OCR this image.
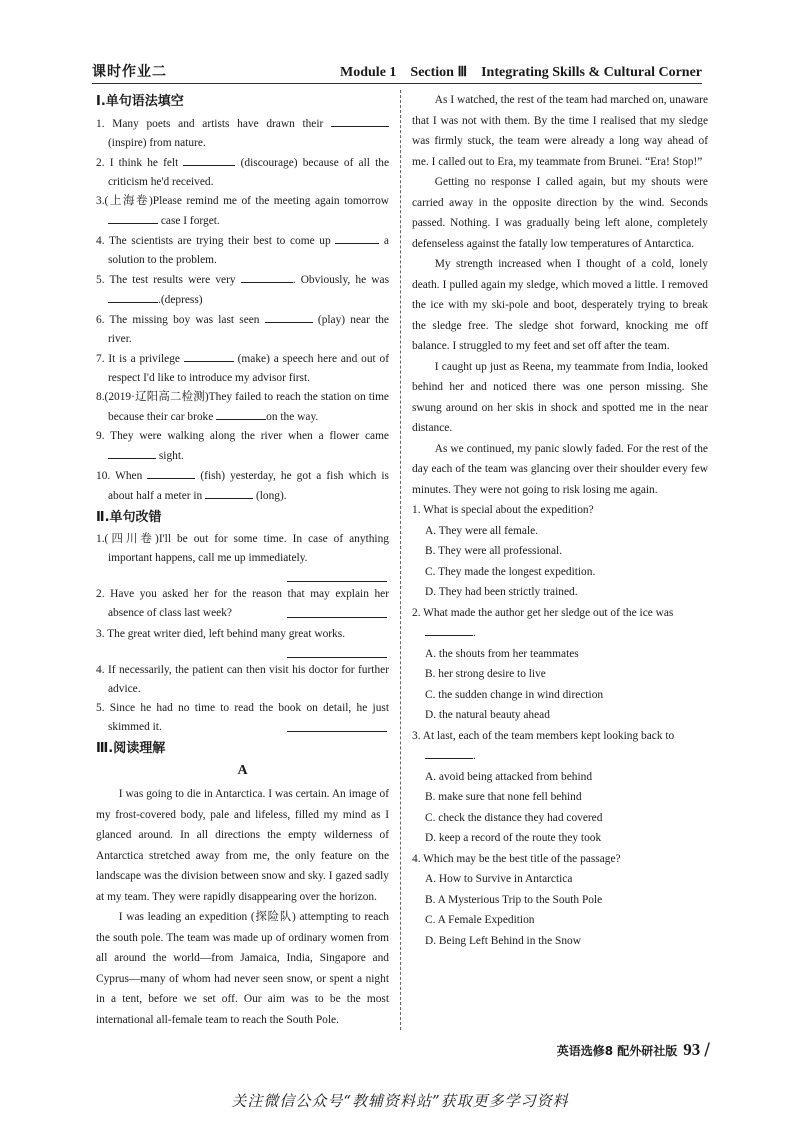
课时作业二	Module 1　Section Ⅲ　Integrating Skills & Cultural Corner
Ⅰ.单句语法填空

1. Many poets and artists have drawn their  (inspire) from nature.

2. I think he felt	(discourage) because of all the criticism he'd received.

3.(上海卷)Please remind me of the meeting again tomorrow  case I forget.

4. The scientists are trying their best to come up	a solution to the problem.

5. The test results were very	. Obviously, he was .(depress)

6. The missing boy was last seen	(play) near the river.

7. It is a privilege	(make) a speech here and out of respect I'd like to introduce my advisor first.

8.(2019·辽阳高二检测)They failed to reach the station on time because their car broke	on the way.

9. They were walking along the river when a flower came  sight.

10. When	(fish) yesterday, he got a fish which is about half a meter in	(long).

Ⅱ.单句改错

1.(四川卷)I'll be out for some time. In case of anything important happens, call me up immediately.

2. Have you asked her for the reason that may explain her absence of class last week?

3. The great writer died, left behind many great works.

4. If necessarily, the patient can then visit his doctor for further advice.

5. Since he had no time to read the book on detail, he just skimmed it.

Ⅲ.阅读理解
A

I was going to die in Antarctica. I was certain. An image of my frost-covered body, pale and lifeless, filled my mind as I glanced around. In all directions the empty wilderness of Antarctica stretched away from me, the only feature on the landscape was the division between snow and sky. I gazed sadly at my team. They were rapidly disappearing over the horizon.

I was leading an expedition (探险队) attempting to reach the south pole. The team was made up of ordinary women from all around the world—from Jamaica, India, Singapore and Cyprus—many of whom had never seen snow, or spent a night in a tent, before we set off. Our aim was to be the most international all-female team to reach the South Pole.

As I watched, the rest of the team had marched on, unaware that I was not with them. By the time I realised that my sledge was firmly stuck, the team were already a long way ahead of me. I called out to Era, my teammate from Brunei. “Era! Stop!”

Getting no response I called again, but my shouts were carried away in the opposite direction by the wind. Seconds passed. Nothing. I was gradually being left alone, completely defenseless against the fatally low temperatures of Antarctica.

My strength increased when I thought of a cold, lonely death. I pulled again my sledge, which moved a little. I removed the ice with my ski-pole and boot, desperately trying to break the sledge free. The sledge shot forward, knocking me off balance. I struggled to my feet and set off after the team.

I caught up just as Reena, my teammate from India, looked behind her and noticed there was one person missing. She swung around on her skis in shock and spotted me in the near distance.

As we continued, my panic slowly faded. For the rest of the day each of the team was glancing over their shoulder every few minutes. They were not going to risk losing me again.

1. What is special about the expedition?

A. They were all female.

B. They were all professional.

C. They made the longest expedition.

D. They had been strictly trained.

2. What made the author get her sledge out of the ice was

.

A. the shouts from her teammates

B. her strong desire to live

C. the sudden change in wind direction

D. the natural beauty ahead

3. At last, each of the team members kept looking back to

.

A. avoid being attacked from behind

B. make sure that none fell behind

C. check the distance they had covered

D. keep a record of the route they took

4. Which may be the best title of the passage?

A. How to Survive in Antarctica

B. A Mysterious Trip to the South Pole

C. A Female Expedition

D. Being Left Behind in the Snow

英语选修8 配外研社版 93 /
关注微信公众号“教辅资料站”获取更多学习资料
